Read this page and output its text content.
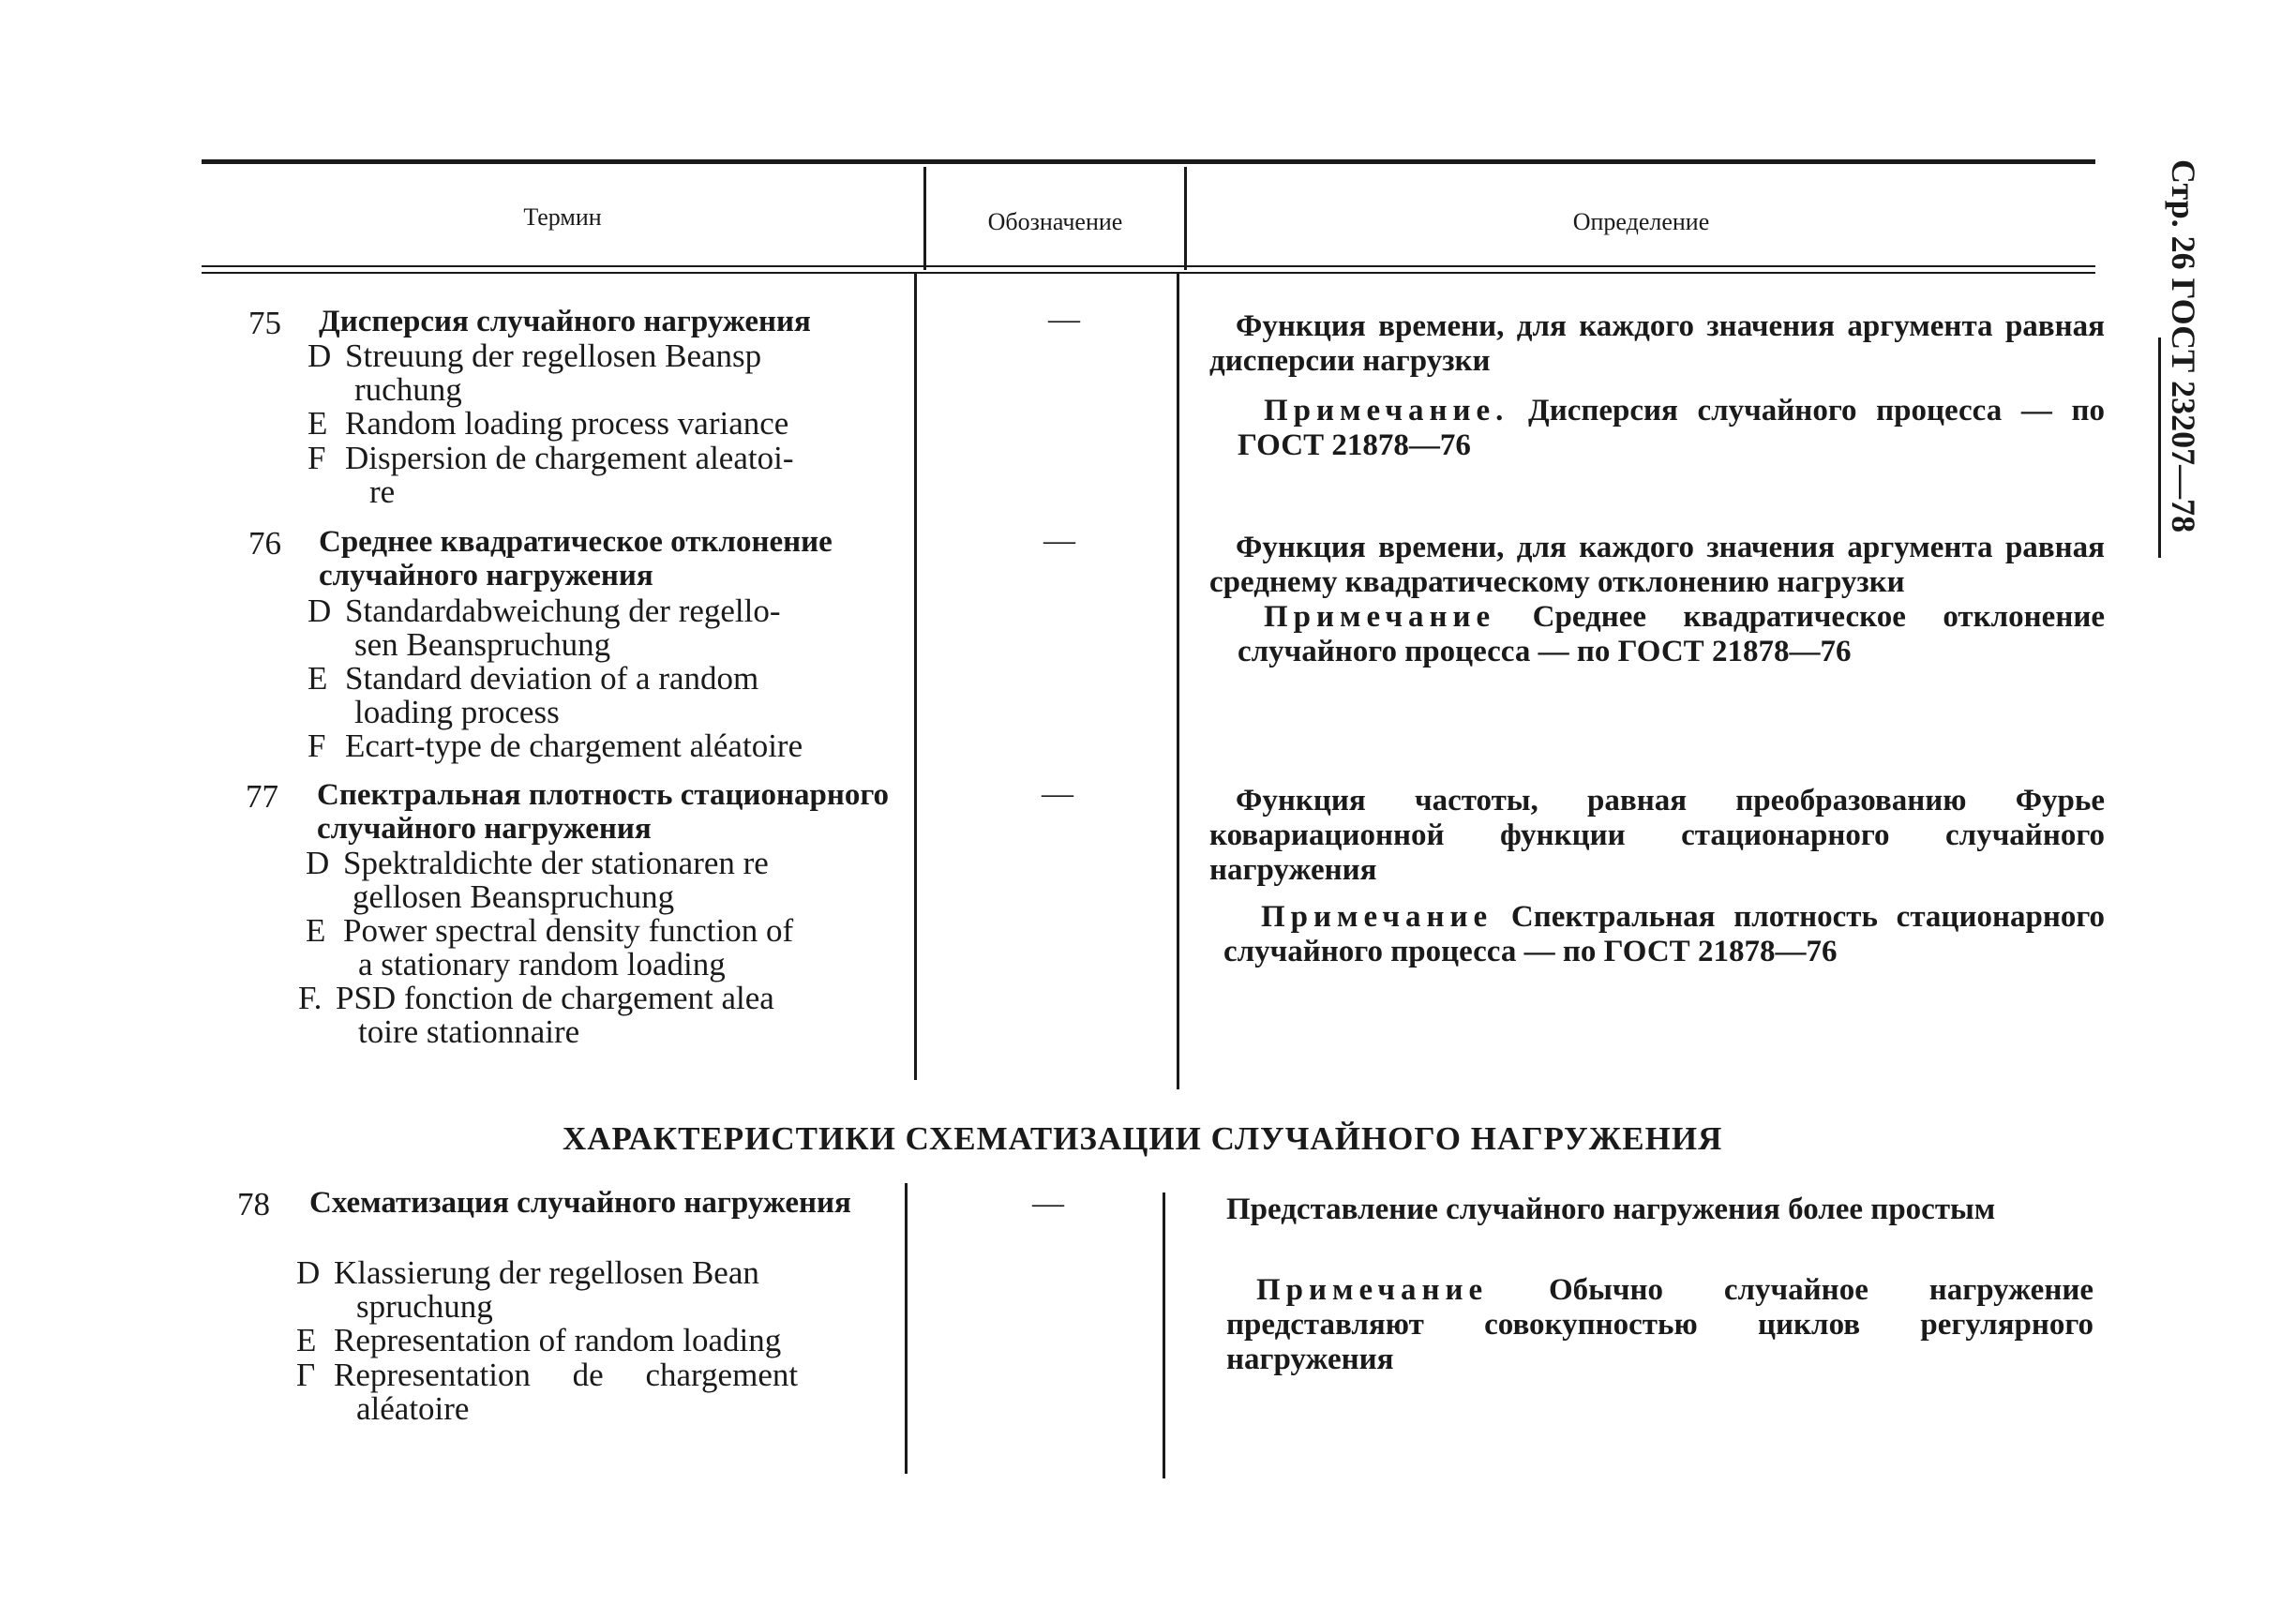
Стр. 26 ГОСТ 23207—78
Термин	Обозначение	Определение
75 Дисперсия случайного нагружения
D Streuung der regellosen Beansp
ruchung
E Random loading process variance
F Dispersion de chargement aleatoi-
re
—	Функция времени, для каждого значения аргумента равная дисперсии нагрузки
Примечание. Дисперсия случайного процесса — по ГОСТ 21878—76
76 Среднее квадратическое отклонение случайного нагружения
D Standardabweichung der regello-
sen Beanspruchung
E Standard deviation of a random
loading process
F Ecart-type de chargement aléatoire
—	Функция времени, для каждого значения аргумента равная среднему квадратическому отклонению нагрузки
Примечание Среднее квадратическое отклонение случайного процесса — по ГОСТ 21878—76
77 Спектральная плотность стационарного случайного нагружения
D Spektraldichte der stationaren re
gellosen Beanspruchung
E Power spectral density function of
a stationary random loading
F. PSD fonction de chargement alea
toire stationnaire
—	Функция частоты, равная преобразованию Фурье ковариационной функции стационарного случайного нагружения
Примечание Спектральная плотность стационарного случайного процесса — по ГОСТ 21878—76
ХАРАКТЕРИСТИКИ СХЕМАТИЗАЦИИ СЛУЧАЙНОГО НАГРУЖЕНИЯ
78 Схематизация случайного нагружения
D Klassierung der regellosen Bean
spruchung
E Representation of random loading
Г Representation de chargement
aléatoire
—	Представление случайного нагружения более простым
Примечание Обычно случайное нагружение представляют совокупностью циклов регулярного нагружения
